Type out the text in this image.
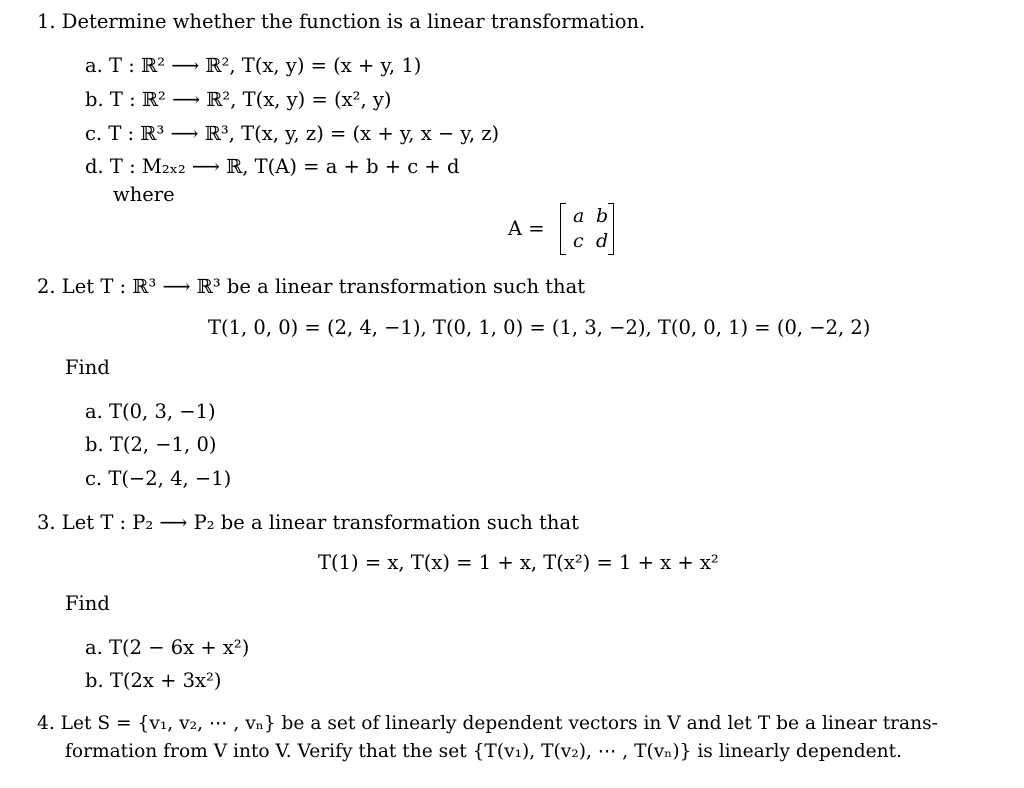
1. Determine whether the function is a linear transformation.
a. T : ℝ² ⟶ ℝ², T(x, y) = (x + y, 1)
b. T : ℝ² ⟶ ℝ², T(x, y) = (x², y)
c. T : ℝ³ ⟶ ℝ³, T(x, y, z) = (x + y, x − y, z)
d. T : M₂ₓ₂ ⟶ ℝ, T(A) = a + b + c + d
where
A =
a b
c d
2. Let T : ℝ³ ⟶ ℝ³ be a linear transformation such that
T(1, 0, 0) = (2, 4, −1), T(0, 1, 0) = (1, 3, −2), T(0, 0, 1) = (0, −2, 2)
Find
a. T(0, 3, −1)
b. T(2, −1, 0)
c. T(−2, 4, −1)
3. Let T : P₂ ⟶ P₂ be a linear transformation such that
T(1) = x, T(x) = 1 + x, T(x²) = 1 + x + x²
Find
a. T(2 − 6x + x²)
b. T(2x + 3x²)
4. Let S = {v₁, v₂, ⋯ , vₙ} be a set of linearly dependent vectors in V and let T be a linear trans-
formation from V into V. Verify that the set {T(v₁), T(v₂), ⋯ , T(vₙ)} is linearly dependent.
